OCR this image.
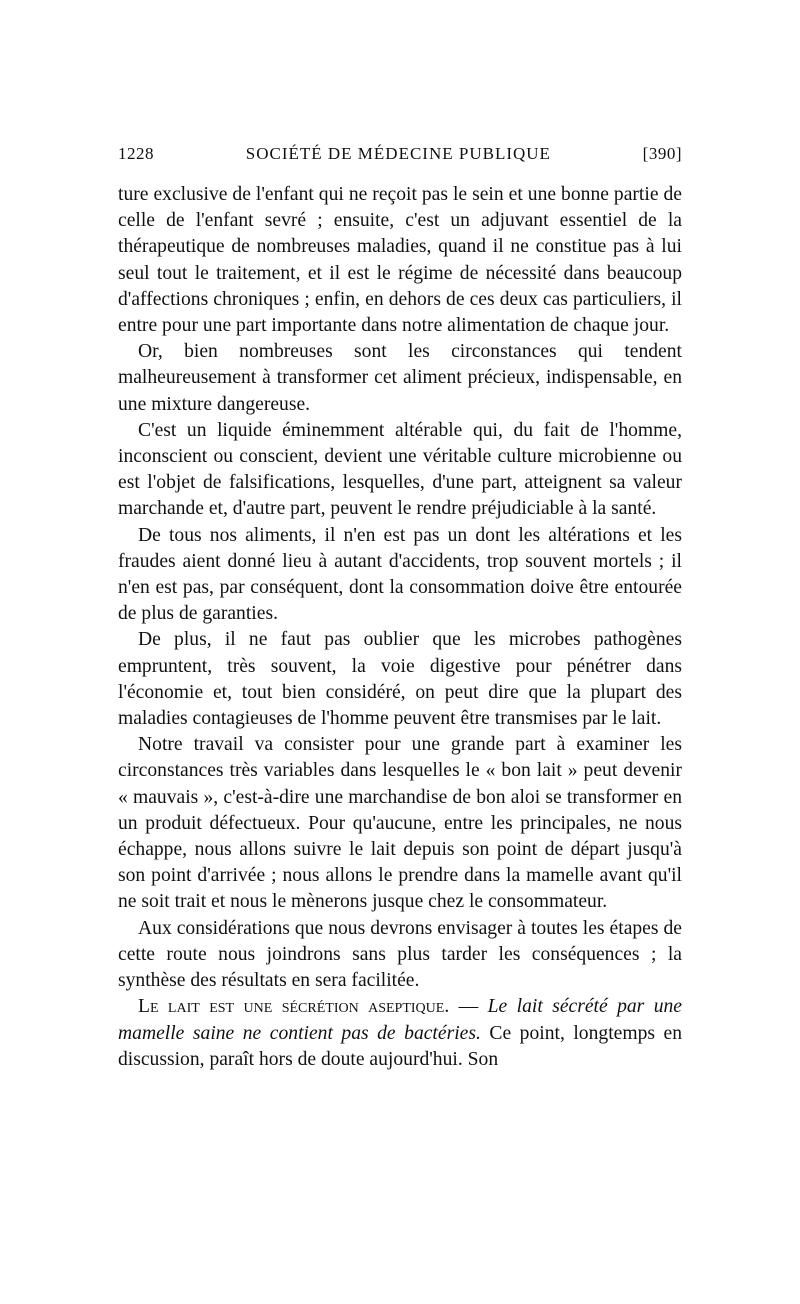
1228	SOCIÉTÉ DE MÉDECINE PUBLIQUE	[390]

ture exclusive de l'enfant qui ne reçoit pas le sein et une bonne partie de celle de l'enfant sevré ; ensuite, c'est un adjuvant essentiel de la thérapeutique de nombreuses maladies, quand il ne constitue pas à lui seul tout le traitement, et il est le régime de nécessité dans beaucoup d'affections chroniques ; enfin, en dehors de ces deux cas particuliers, il entre pour une part importante dans notre alimentation de chaque jour.

Or, bien nombreuses sont les circonstances qui tendent malheureusement à transformer cet aliment précieux, indispensable, en une mixture dangereuse.

C'est un liquide éminemment altérable qui, du fait de l'homme, inconscient ou conscient, devient une véritable culture microbienne ou est l'objet de falsifications, lesquelles, d'une part, atteignent sa valeur marchande et, d'autre part, peuvent le rendre préjudiciable à la santé.

De tous nos aliments, il n'en est pas un dont les altérations et les fraudes aient donné lieu à autant d'accidents, trop souvent mortels ; il n'en est pas, par conséquent, dont la consommation doive être entourée de plus de garanties.

De plus, il ne faut pas oublier que les microbes pathogènes empruntent, très souvent, la voie digestive pour pénétrer dans l'économie et, tout bien considéré, on peut dire que la plupart des maladies contagieuses de l'homme peuvent être transmises par le lait.

Notre travail va consister pour une grande part à examiner les circonstances très variables dans lesquelles le « bon lait » peut devenir « mauvais », c'est-à-dire une marchandise de bon aloi se transformer en un produit défectueux. Pour qu'aucune, entre les principales, ne nous échappe, nous allons suivre le lait depuis son point de départ jusqu'à son point d'arrivée ; nous allons le prendre dans la mamelle avant qu'il ne soit trait et nous le mènerons jusque chez le consommateur.

Aux considérations que nous devrons envisager à toutes les étapes de cette route nous joindrons sans plus tarder les conséquences ; la synthèse des résultats en sera facilitée.

Le lait est une sécrétion aseptique. — Le lait sécrété par une mamelle saine ne contient pas de bactéries. Ce point, longtemps en discussion, paraît hors de doute aujourd'hui. Son
